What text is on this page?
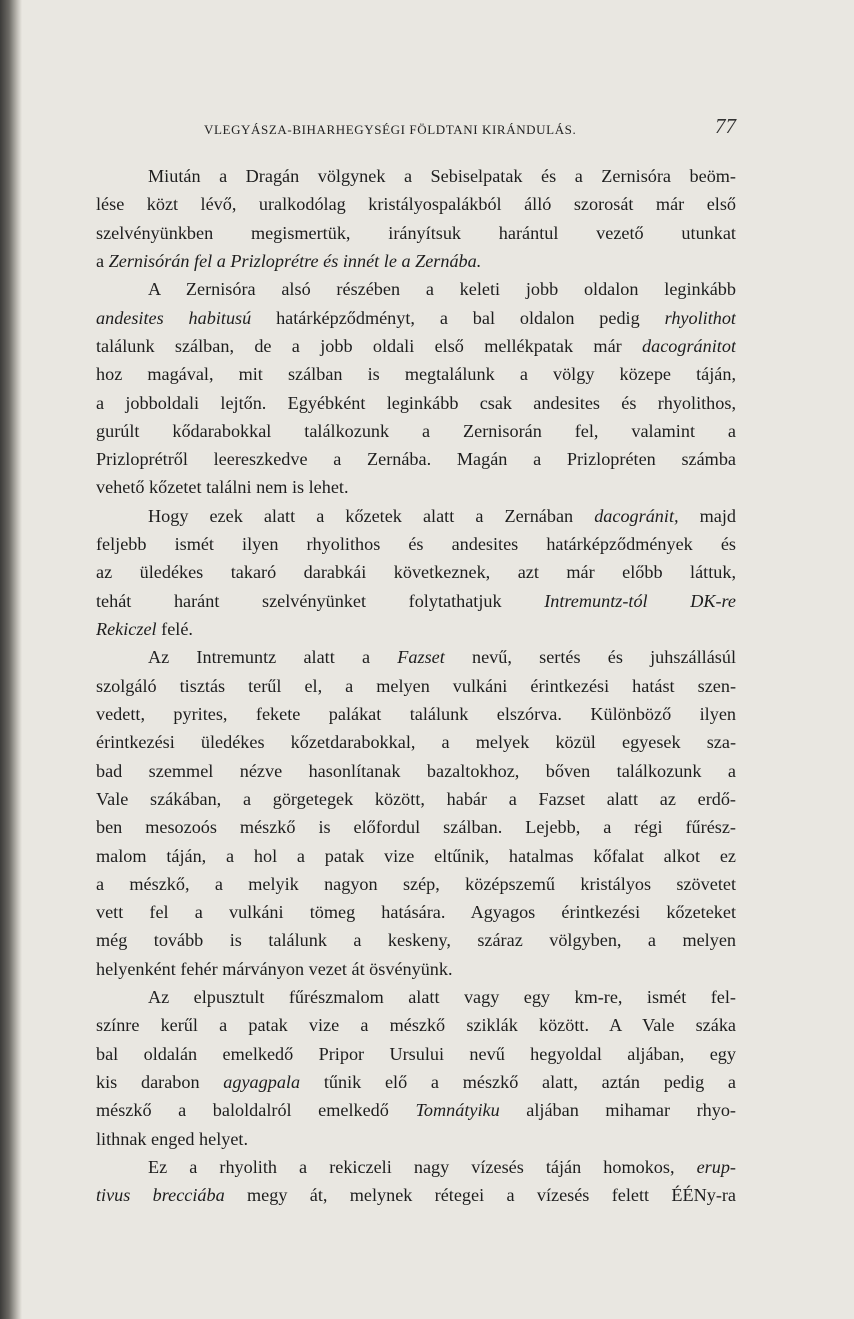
VLEGYÁSZA-BIHARHEGYSÉGI FÖLDTANI KIRÁNDULÁS.	77
Miután a Dragán völgynek a Sebiselpatak és a Zernisóra beöm-
lése közt lévő, uralkodólag kristályospalákból álló szorosát már első
szelvényünkben megismertük, irányítsuk harántul vezető utunkat
a Zernisórán fel a Prizloprétre és innét le a Zernába.
A Zernisóra alsó részében a keleti jobb oldalon leginkább
andesites habitusú határképződményt, a bal oldalon pedig rhyolithot
találunk szálban, de a jobb oldali első mellékpatak már dacogránitot
hoz magával, mit szálban is megtalálunk a völgy közepe táján,
a jobboldali lejtőn. Egyébként leginkább csak andesites és rhyolithos,
gurúlt kődarabokkal találkozunk a Zernisorán fel, valamint a
Prizloprétről leereszkedve a Zernába. Magán a Prizlopréten számba
vehető kőzetet találni nem is lehet.
Hogy ezek alatt a kőzetek alatt a Zernában dacogránit, majd
feljebb ismét ilyen rhyolithos és andesites határképződmények és
az üledékes takaró darabkái következnek, azt már előbb láttuk,
tehát haránt szelvényünket folytathatjuk Intremuntz-tól DK-re
Rekiczel felé.
Az Intremuntz alatt a Fazset nevű, sertés és juhszállásúl
szolgáló tisztás terűl el, a melyen vulkáni érintkezési hatást szen-
vedett, pyrites, fekete palákat találunk elszórva. Különböző ilyen
érintkezési üledékes kőzetdarabokkal, a melyek közül egyesek sza-
bad szemmel nézve hasonlítanak bazaltokhoz, bőven találkozunk a
Vale szákában, a görgetegek között, habár a Fazset alatt az erdő-
ben mesozoós mészkő is előfordul szálban. Lejebb, a régi fűrész-
malom táján, a hol a patak vize eltűnik, hatalmas kőfalat alkot ez
a mészkő, a melyik nagyon szép, középszemű kristályos szövetet
vett fel a vulkáni tömeg hatására. Agyagos érintkezési kőzeteket
még tovább is találunk a keskeny, száraz völgyben, a melyen
helyenként fehér márványon vezet át ösvényünk.
Az elpusztult fűrészmalom alatt vagy egy km-re, ismét fel-
színre kerűl a patak vize a mészkő sziklák között. A Vale száka
bal oldalán emelkedő Pripor Ursului nevű hegyoldal aljában, egy
kis darabon agyagpala tűnik elő a mészkő alatt, aztán pedig a
mészkő a baloldalról emelkedő Tomnátyiku aljában mihamar rhyo-
lithnak enged helyet.
Ez a rhyolith a rekiczeli nagy vízesés táján homokos, erup-
tivus brecciába megy át, melynek rétegei a vízesés felett ÉÉNy-ra
